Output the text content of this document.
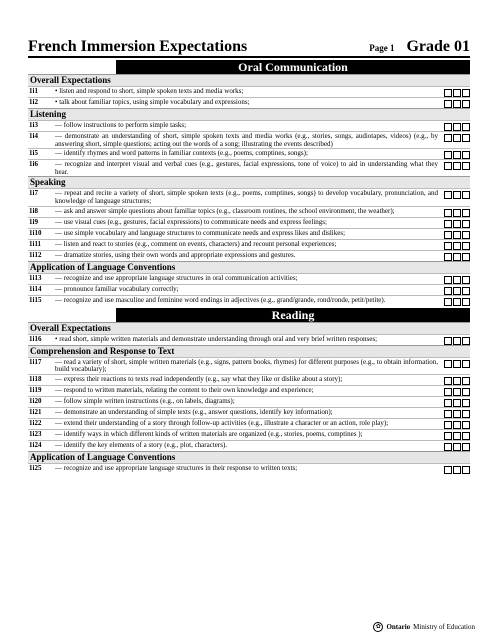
French Immersion Expectations	Page 1 Grade 01
Oral Communication
Overall Expectations
1i1	• listen and respond to short, simple spoken texts and media works;
1i2	• talk about familiar topics, using simple vocabulary and expressions;
Listening
1i3	— follow instructions to perform simple tasks;
1i4	— demonstrate an understanding of short, simple spoken texts and media works (e.g., stories, songs, audiotapes, videos) (e.g., by answering short, simple questions; acting out the words of a song; illustrating the events described)
1i5	— identify rhymes and word patterns in familiar contexts (e.g., poems, comptines, songs);
1i6	— recognize and interpret visual and verbal cues (e.g., gestures, facial expressions, tone of voice) to aid in understanding what they hear.
Speaking
1i7	— repeat and recite a variety of short, simple spoken texts (e.g., poems, comptines, songs) to develop vocabulary, pronunciation, and knowledge of language structures;
1i8	— ask and answer simple questions about familiar topics (e.g., classroom routines, the school environment, the weather);
1i9	— use visual cues (e.g., gestures, facial expressions) to communicate needs and express feelings;
1i10	— use simple vocabulary and language structures to communicate needs and express likes and dislikes;
1i11	— listen and react to stories (e.g., comment on events, characters) and recount personal experiences;
1i12	— dramatize stories, using their own words and appropriate expressions and gestures.
Application of Language Conventions
1i13	— recognize and use appropriate language structures in oral communication activities;
1i14	— pronounce familiar vocabulary correctly;
1i15	— recognize and use masculine and feminine word endings in adjectives (e.g., grand/grande, rond/ronde, petit/petite).
Reading
Overall Expectations
1i16	• read short, simple written materials and demonstrate understanding through oral and very brief written responses;
Comprehension and Response to Text
1i17	— read a variety of short, simple written materials (e.g., signs, pattern books, rhymes) for different purposes (e.g., to obtain information, build vocabulary);
1i18	— express their reactions to texts read independently (e.g., say what they like or dislike about a story);
1i19	— respond to written materials, relating the content to their own knowledge and experience;
1i20	— follow simple written instructions (e.g., on labels, diagrams);
1i21	— demonstrate an understanding of simple texts (e.g., answer questions, identify key information);
1i22	— extend their understanding of a story through follow-up activities (e.g., illustrate a character or an action, role play);
1i23	— identify ways in which different kinds of written materials are organized (e.g., stories, poems, comptines );
1i24	— identify the key elements of a story (e.g., plot, characters).
Application of Language Conventions
1i25	— recognize and use appropriate language structures in their response to written texts;
✿ Ontario Ministry of Education
